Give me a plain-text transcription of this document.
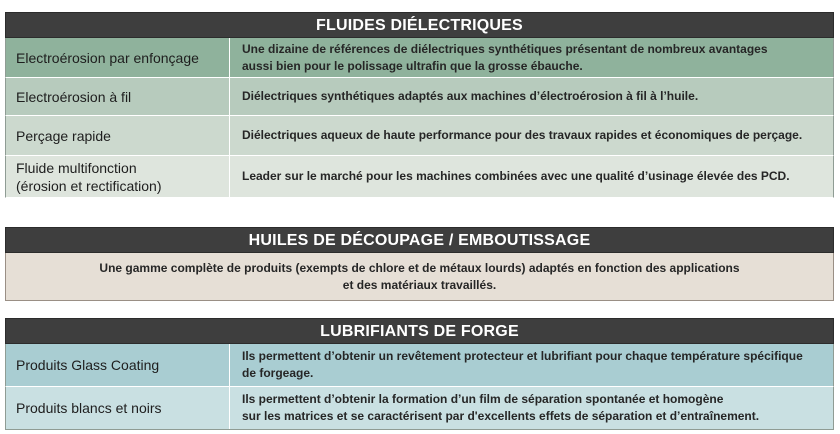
FLUIDES DIÉLECTRIQUES
Electroérosion par enfonçage
Une dizaine de références de diélectriques synthétiques présentant de nombreux avantages
aussi bien pour le polissage ultrafin que la grosse ébauche.
Electroérosion à fil	Diélectriques synthétiques adaptés aux machines d’électroérosion à fil à l’huile.
Perçage rapide	Diélectriques aqueux de haute performance pour des travaux rapides et économiques de perçage.
Fluide multifonction
(érosion et rectification)
Leader sur le marché pour les machines combinées avec une qualité d’usinage élevée des PCD.
HUILES DE DÉCOUPAGE / EMBOUTISSAGE
Une gamme complète de produits (exempts de chlore et de métaux lourds) adaptés en fonction des applications
et des matériaux travaillés.
LUBRIFIANTS DE FORGE
Produits Glass Coating
Ils permettent d’obtenir un revêtement protecteur et lubrifiant pour chaque température spécifique
de forgeage.
Produits blancs et noirs
Ils permettent d’obtenir la formation d’un film de séparation spontanée et homogène
sur les matrices et se caractérisent par d'excellents effets de séparation et d’entraînement.
